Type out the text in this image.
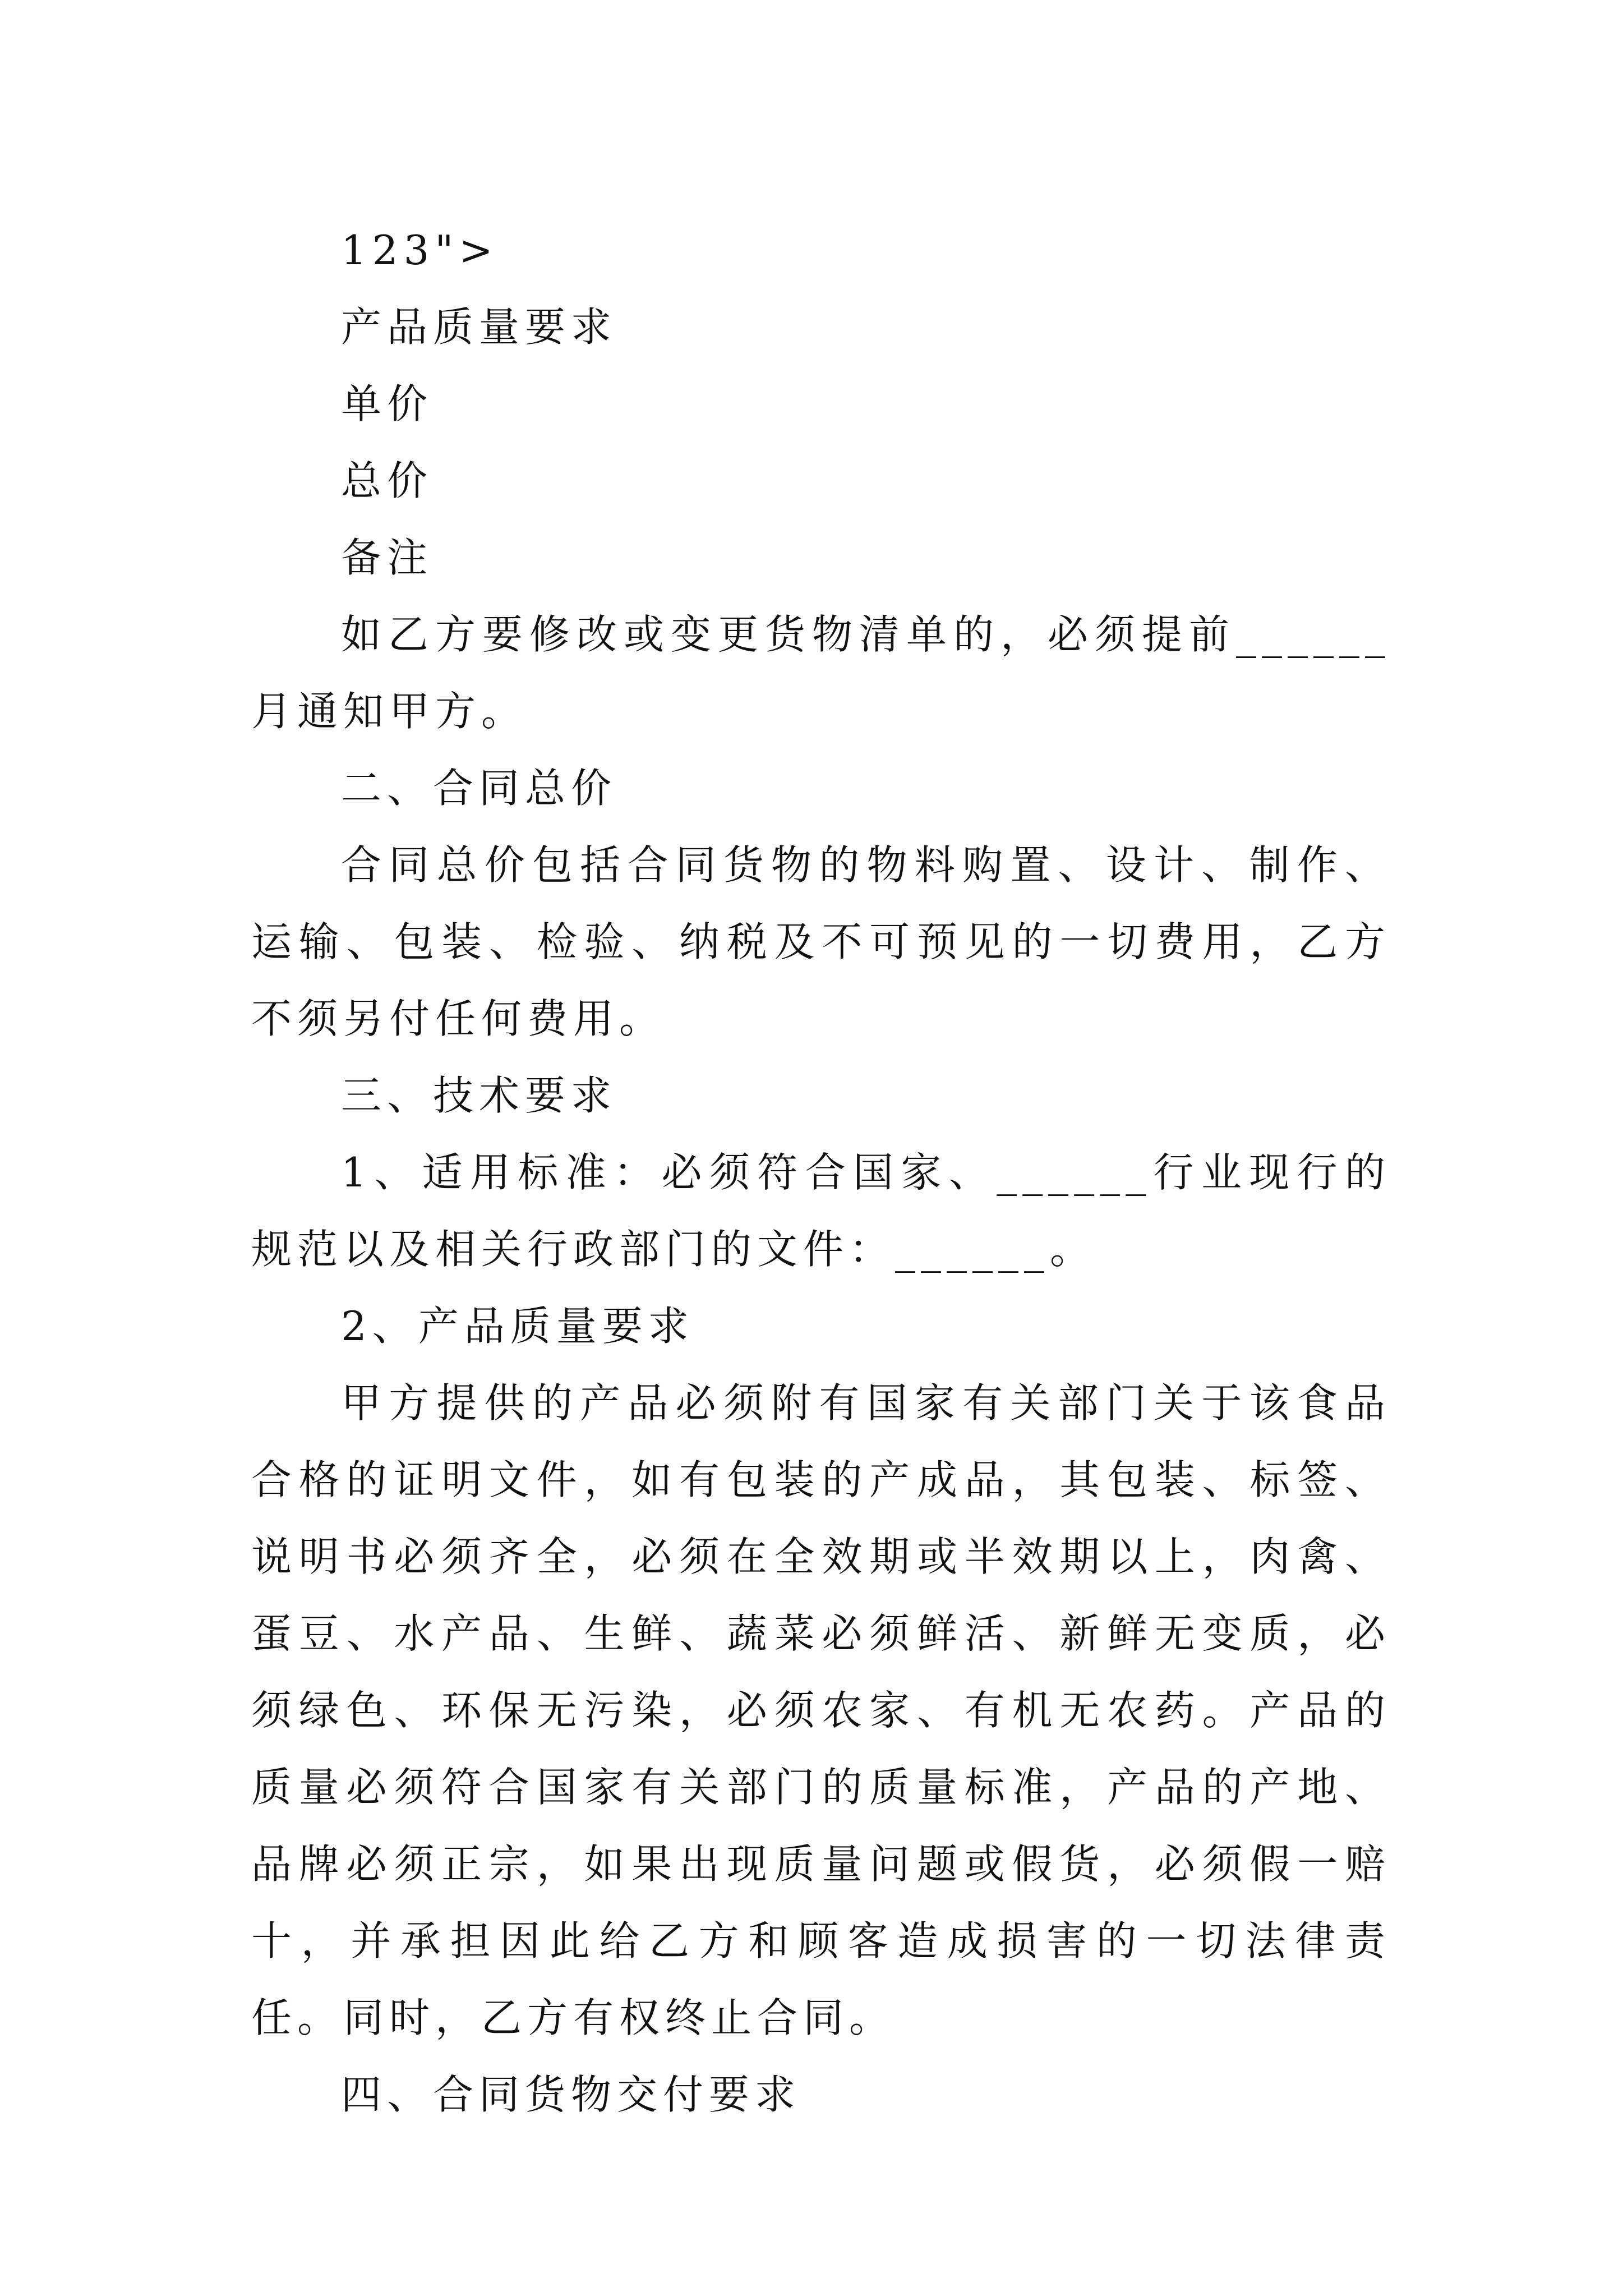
123">
产品质量要求
单价
总价
备注

如乙方要修改或变更货物清单的，必须提前______月通知甲方。

二、合同总价

合同总价包括合同货物的物料购置、设计、制作、运输、包装、检验、纳税及不可预见的一切费用，乙方不须另付任何费用。

三、技术要求

1、适用标准：必须符合国家、______行业现行的规范以及相关行政部门的文件：______。

2、产品质量要求

甲方提供的产品必须附有国家有关部门关于该食品合格的证明文件，如有包装的产成品，其包装、标签、说明书必须齐全，必须在全效期或半效期以上，肉禽、蛋豆、水产品、生鲜、蔬菜必须鲜活、新鲜无变质，必须绿色、环保无污染，必须农家、有机无农药。产品的质量必须符合国家有关部门的质量标准，产品的产地、品牌必须正宗，如果出现质量问题或假货，必须假一赔十，并承担因此给乙方和顾客造成损害的一切法律责任。同时，乙方有权终止合同。

四、合同货物交付要求
